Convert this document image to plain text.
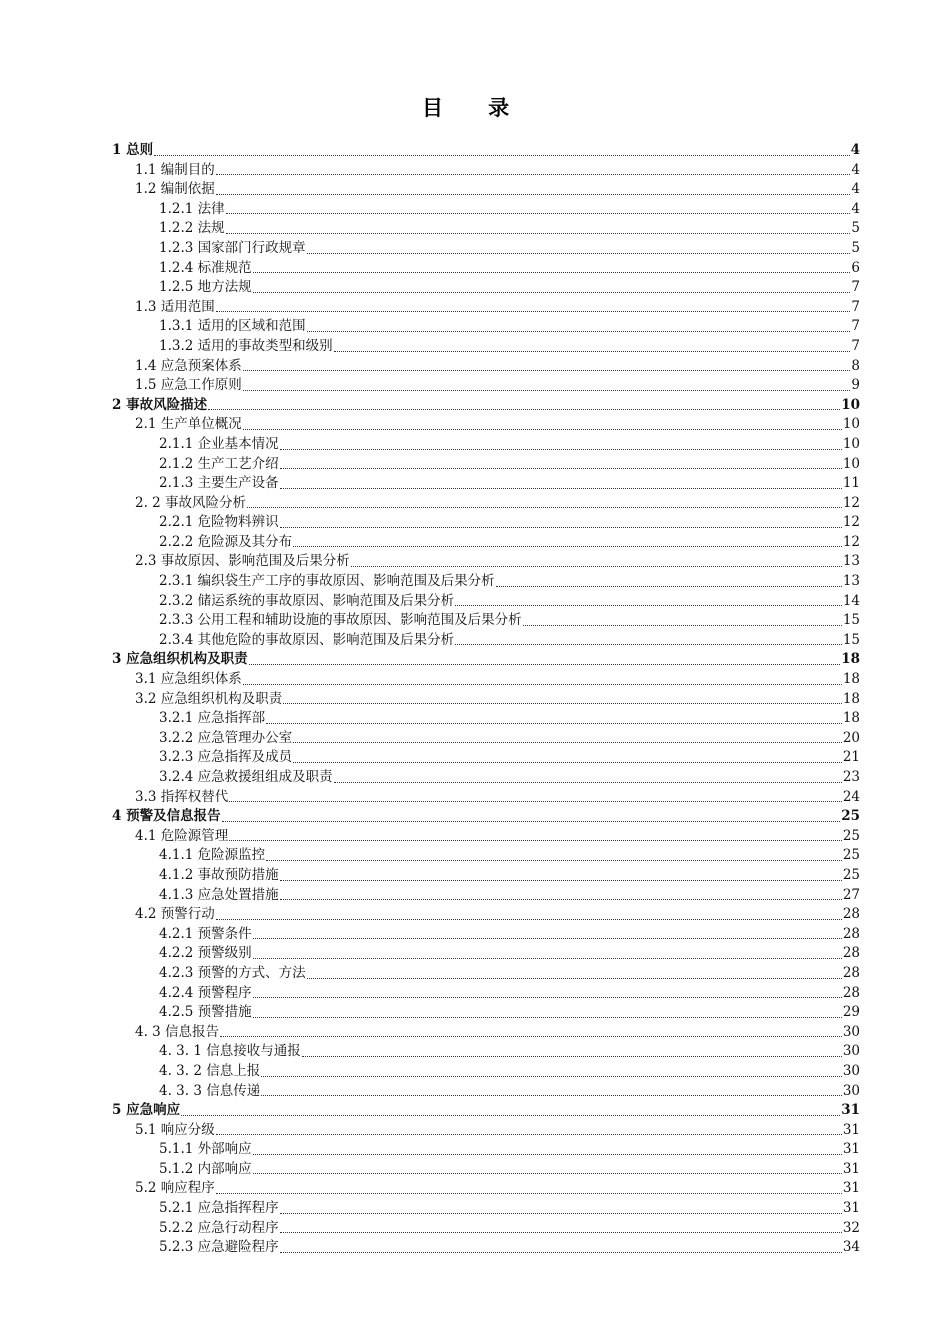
目 录
1 总则	4
1.1 编制目的	4
1.2 编制依据	4
1.2.1 法律	4
1.2.2 法规	5
1.2.3 国家部门行政规章	5
1.2.4 标准规范	6
1.2.5 地方法规	7
1.3 适用范围	7
1.3.1 适用的区域和范围	7
1.3.2 适用的事故类型和级别	7
1.4 应急预案体系	8
1.5 应急工作原则	9
2 事故风险描述	10
2.1 生产单位概况	10
2.1.1 企业基本情况	10
2.1.2 生产工艺介绍	10
2.1.3 主要生产设备	11
2. 2 事故风险分析	12
2.2.1 危险物料辨识	12
2.2.2 危险源及其分布	12
2.3 事故原因、影响范围及后果分析	13
2.3.1 编织袋生产工序的事故原因、影响范围及后果分析	13
2.3.2 储运系统的事故原因、影响范围及后果分析	14
2.3.3 公用工程和辅助设施的事故原因、影响范围及后果分析	15
2.3.4 其他危险的事故原因、影响范围及后果分析	15
3 应急组织机构及职责	18
3.1 应急组织体系	18
3.2 应急组织机构及职责	18
3.2.1 应急指挥部	18
3.2.2 应急管理办公室	20
3.2.3 应急指挥及成员	21
3.2.4 应急救援组组成及职责	23
3.3 指挥权替代	24
4 预警及信息报告	25
4.1 危险源管理	25
4.1.1 危险源监控	25
4.1.2 事故预防措施	25
4.1.3 应急处置措施	27
4.2 预警行动	28
4.2.1 预警条件	28
4.2.2 预警级别	28
4.2.3 预警的方式、方法	28
4.2.4 预警程序	28
4.2.5 预警措施	29
4. 3 信息报告	30
4. 3. 1 信息接收与通报	30
4. 3. 2 信息上报	30
4. 3. 3 信息传递	30
5 应急响应	31
5.1 响应分级	31
5.1.1 外部响应	31
5.1.2 内部响应	31
5.2 响应程序	31
5.2.1 应急指挥程序	31
5.2.2 应急行动程序	32
5.2.3 应急避险程序	34
